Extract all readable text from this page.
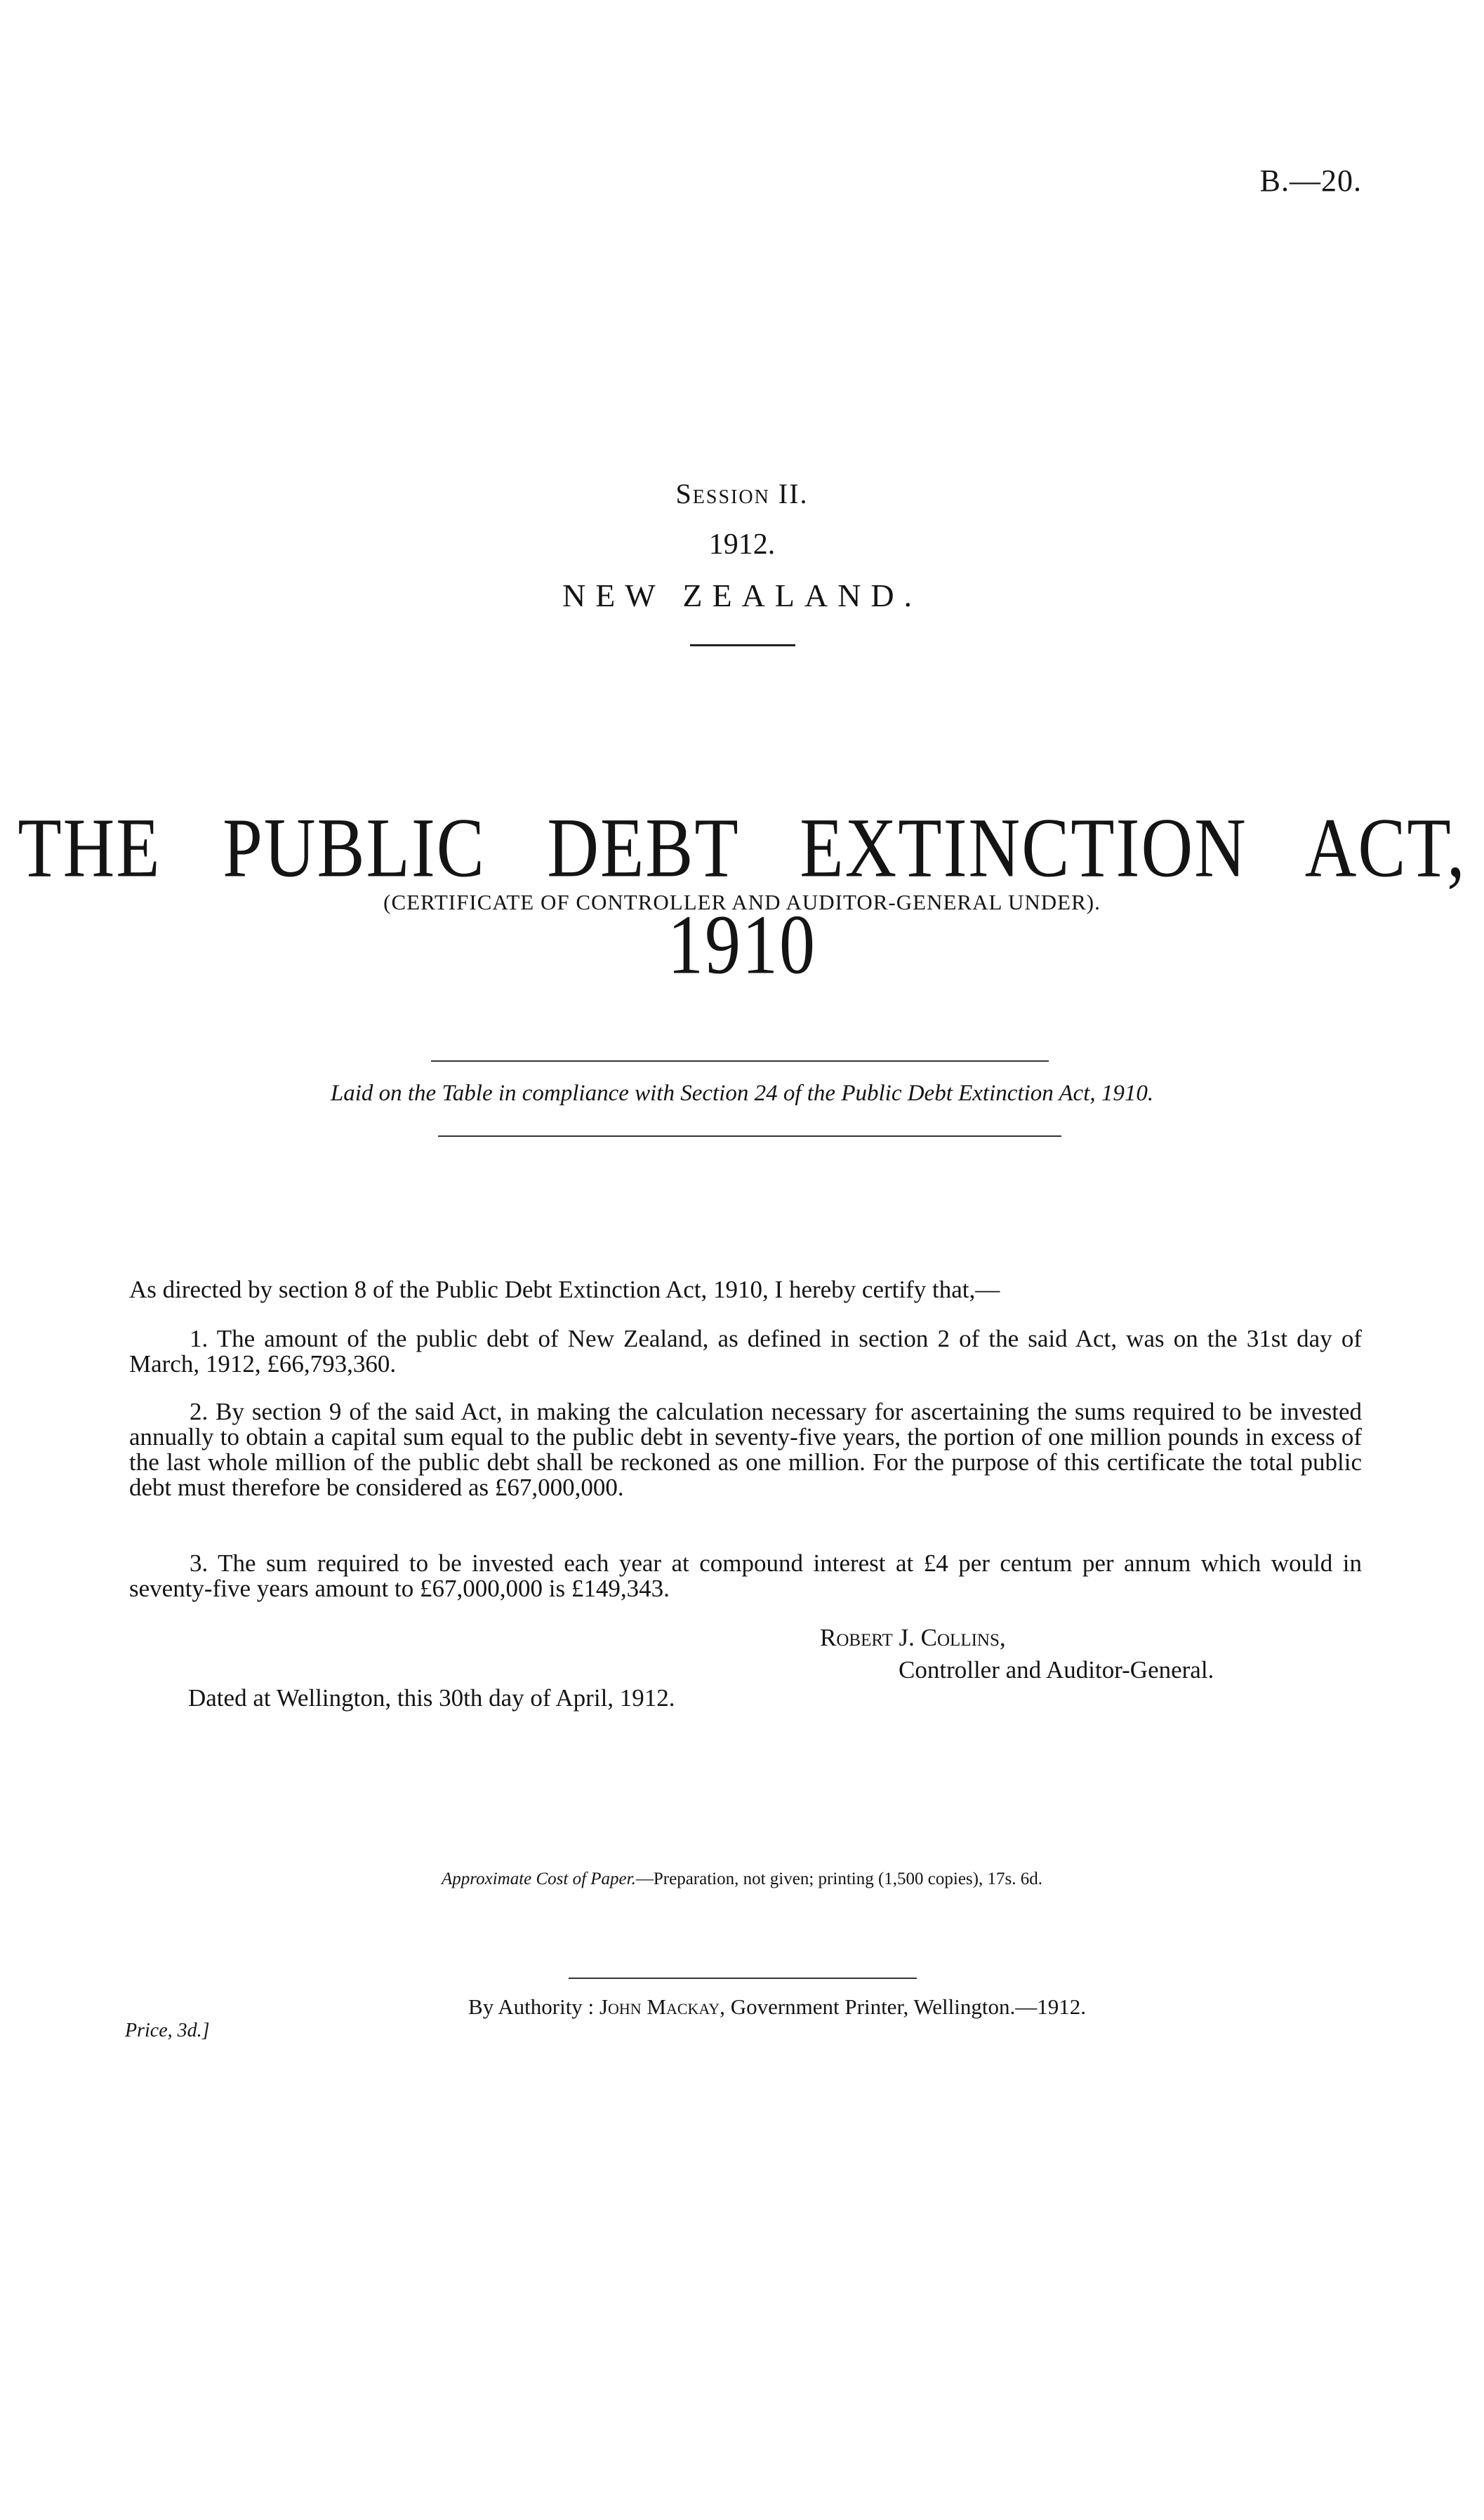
B.—20.
Session II.
1912.
NEW ZEALAND.
THE PUBLIC DEBT EXTINCTION ACT, 1910
(CERTIFICATE OF CONTROLLER AND AUDITOR-GENERAL UNDER).
Laid on the Table in compliance with Section 24 of the Public Debt Extinction Act, 1910.
As directed by section 8 of the Public Debt Extinction Act, 1910, I hereby certify that,—
1. The amount of the public debt of New Zealand, as defined in section 2 of the said Act, was on the 31st day of March, 1912, £66,793,360.
2. By section 9 of the said Act, in making the calculation necessary for ascertaining the sums required to be invested annually to obtain a capital sum equal to the public debt in seventy-five years, the portion of one million pounds in excess of the last whole million of the public debt shall be reckoned as one million. For the purpose of this certificate the total public debt must therefore be considered as £67,000,000.
3. The sum required to be invested each year at compound interest at £4 per centum per annum which would in seventy-five years amount to £67,000,000 is £149,343.
Robert J. Collins,
Controller and Auditor-General.
Dated at Wellington, this 30th day of April, 1912.
Approximate Cost of Paper.—Preparation, not given; printing (1,500 copies), 17s. 6d.
By Authority : John Mackay, Government Printer, Wellington.—1912.
Price, 3d.]
